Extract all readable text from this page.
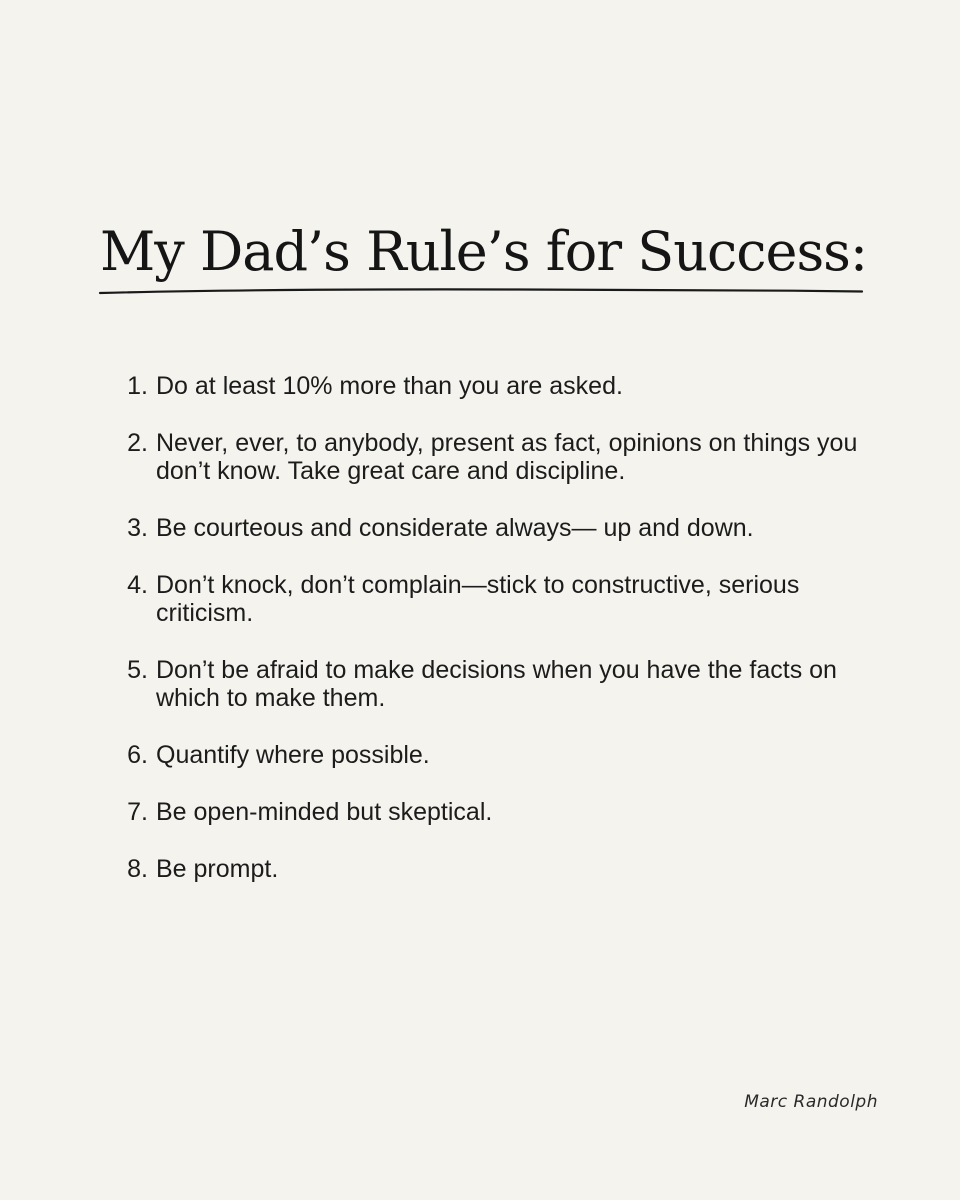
My Dad’s Rule’s for Success:
1 . Do at least 10% more than you are asked.
2 . Never, ever, to anybody, present as fact, opinions on things you don’t know. Take great care and discipline.
3 . Be courteous and considerate always— up and down.
4 . Don’t knock, don’t complain—stick to constructive, serious criticism.
5 . Don’t be afraid to make decisions when you have the facts on which to make them.
6 . Quantify where possible.
7 . Be open-minded but skeptical.
8 . Be prompt.
Marc Randolph
